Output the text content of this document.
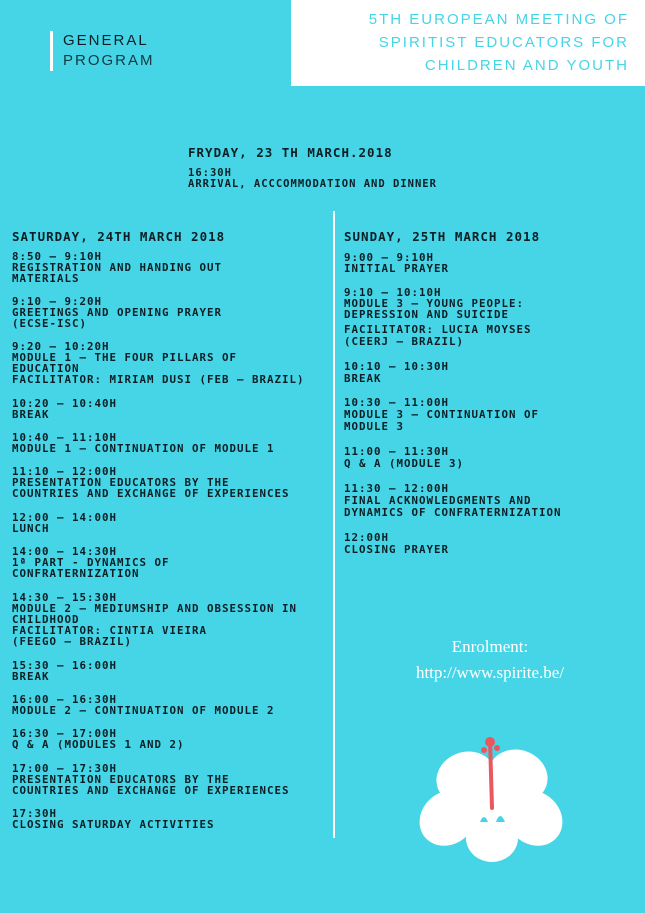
GENERAL
PROGRAM
5TH EUROPEAN MEETING OF
SPIRITIST EDUCATORS FOR
CHILDREN AND YOUTH
FRYDAY, 23 TH MARCH.2018
16:30H
ARRIVAL, ACCCOMMODATION AND DINNER
SATURDAY, 24TH MARCH 2018
8:50 – 9:10H
REGISTRATION AND HANDING OUT
MATERIALS
9:10 – 9:20H
GREETINGS AND OPENING PRAYER
(ECSE-ISC)
9:20 – 10:20H
MODULE 1 – THE FOUR PILLARS OF
EDUCATION
FACILITATOR: MIRIAM DUSI (FEB – BRAZIL)
10:20 – 10:40H
BREAK
10:40 – 11:10H
MODULE 1 – CONTINUATION OF MODULE 1
11:10 – 12:00H
PRESENTATION EDUCATORS BY THE
COUNTRIES AND EXCHANGE OF EXPERIENCES
12:00 – 14:00H
LUNCH
14:00 – 14:30H
1ª PART - DYNAMICS OF
CONFRATERNIZATION
14:30 – 15:30H
MODULE 2 – MEDIUMSHIP AND OBSESSION IN
CHILDHOOD
FACILITATOR: CINTIA VIEIRA
(FEEGO – BRAZIL)
15:30 – 16:00H
BREAK
16:00 – 16:30H
MODULE 2 – CONTINUATION OF MODULE 2
16:30 – 17:00H
Q & A (MODULES 1 AND 2)
17:00 – 17:30H
PRESENTATION EDUCATORS BY THE
COUNTRIES AND EXCHANGE OF EXPERIENCES
17:30H
CLOSING SATURDAY ACTIVITIES
SUNDAY, 25TH MARCH 2018
9:00 – 9:10H
INITIAL PRAYER
9:10 – 10:10H
MODULE 3 – YOUNG PEOPLE:
DEPRESSION AND SUICIDE
FACILITATOR: LUCIA MOYSES
(CEERJ – BRAZIL)
10:10 – 10:30H
BREAK
10:30 – 11:00H
MODULE 3 – CONTINUATION OF
MODULE 3
11:00 – 11:30H
Q & A (MODULE 3)
11:30 – 12:00H
FINAL ACKNOWLEDGMENTS AND
DYNAMICS OF CONFRATERNIZATION
12:00H
CLOSING PRAYER
Enrolment:
http://www.spirite.be/
